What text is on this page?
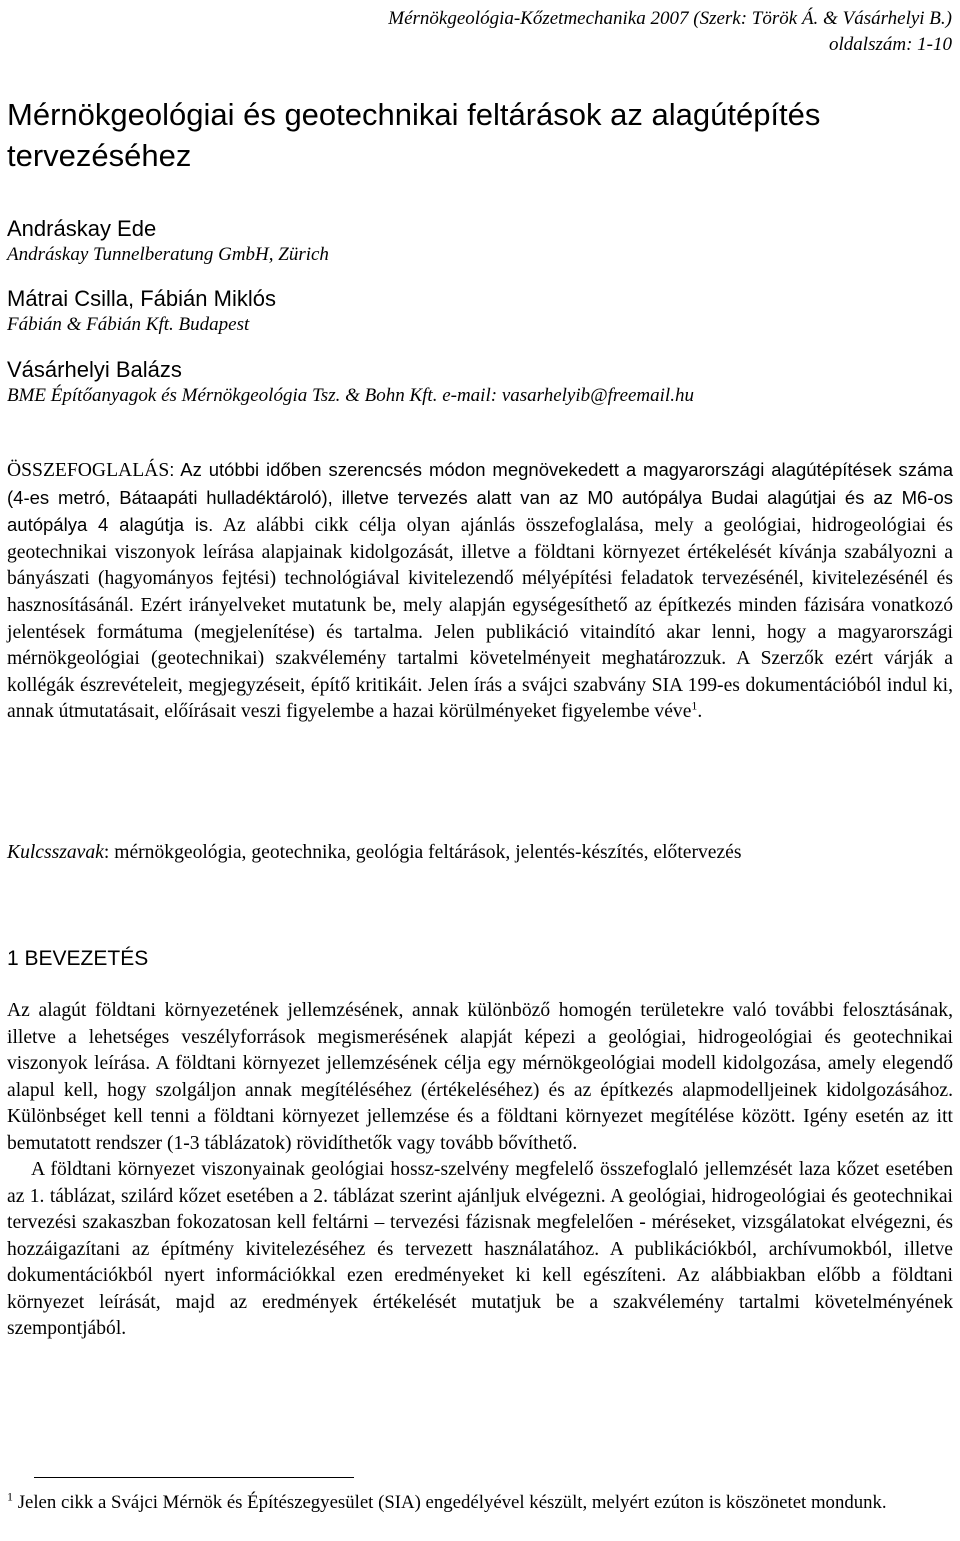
Mérnökgeológia-Kőzetmechanika 2007 (Szerk: Török Á. & Vásárhelyi B.)
oldalszám: 1-10
Mérnökgeológiai és geotechnikai feltárások az alagútépítés tervezéséhez
Andráskay Ede
Andráskay Tunnelberatung GmbH, Zürich
Mátrai Csilla, Fábián Miklós
Fábián & Fábián Kft. Budapest
Vásárhelyi Balázs
BME Építőanyagok és Mérnökgeológia Tsz. & Bohn Kft. e-mail: vasarhelyib@freemail.hu

ÖSSZEFOGLALÁS: Az utóbbi időben szerencsés módon megnövekedett a magyarországi alagútépítések száma (4-es metró, Bátaapáti hulladéktároló), illetve tervezés alatt van az M0 autópálya Budai alagútjai és az M6-os autópálya 4 alagútja is. Az alábbi cikk célja olyan ajánlás összefoglalása, mely a geológiai, hidrogeológiai és geotechnikai viszonyok leírása alapjainak kidolgozását, illetve a földtani környezet értékelését kívánja szabályozni a bányászati (hagyományos fejtési) technológiával kivitelezendő mélyépítési feladatok tervezésénél, kivitelezésénél és hasznosításánál. Ezért irányelveket mutatunk be, mely alapján egységesíthető az építkezés minden fázisára vonatkozó jelentések formátuma (megjelenítése) és tartalma. Jelen publikáció vitaindító akar lenni, hogy a magyarországi mérnökgeológiai (geotechnikai) szakvélemény tartalmi követelményeit meghatározzuk. A Szerzők ezért várják a kollégák észrevételeit, megjegyzéseit, építő kritikáit. Jelen írás a svájci szabvány SIA 199-es dokumentációból indul ki, annak útmutatásait, előírásait veszi figyelembe a hazai körülményeket figyelembe véve$^1$.

Kulcsszavak: mérnökgeológia, geotechnika, geológia feltárások, jelentés-készítés, előtervezés

1 BEVEZETÉS

Az alagút földtani környezetének jellemzésének, annak különböző homogén területekre való további felosztásának, illetve a lehetséges veszélyforrások megismerésének alapját képezi a geológiai, hidrogeológiai és geotechnikai viszonyok leírása. A földtani környezet jellemzésének célja egy mérnökgeológiai modell kidolgozása, amely elegendő alapul kell, hogy szolgáljon annak megítéléséhez (értékeléséhez) és az építkezés alapmodelljeinek kidolgozásához. Különbséget kell tenni a földtani környezet jellemzése és a földtani környezet megítélése között. Igény esetén az itt bemutatott rendszer (1-3 táblázatok) rövidíthetők vagy tovább bővíthető.

A földtani környezet viszonyainak geológiai hossz-szelvény megfelelő összefoglaló jellemzését laza kőzet esetében az 1. táblázat, szilárd kőzet esetében a 2. táblázat szerint ajánljuk elvégezni. A geológiai, hidrogeológiai és geotechnikai tervezési szakaszban fokozatosan kell feltárni – tervezési fázisnak megfelelően - méréseket, vizsgálatokat elvégezni, és hozzáigazítani az építmény kivitelezéséhez és tervezett használatához. A publikációkból, archívumokból, illetve dokumentációkból nyert információkkal ezen eredményeket ki kell egészíteni. Az alábbiakban előbb a földtani környezet leírását, majd az eredmények értékelését mutatjuk be a szakvélemény tartalmi követelményének szempontjából.

$^1$ Jelen cikk a Svájci Mérnök és Építészegyesület (SIA) engedélyével készült, melyért ezúton is köszönetet mondunk.
